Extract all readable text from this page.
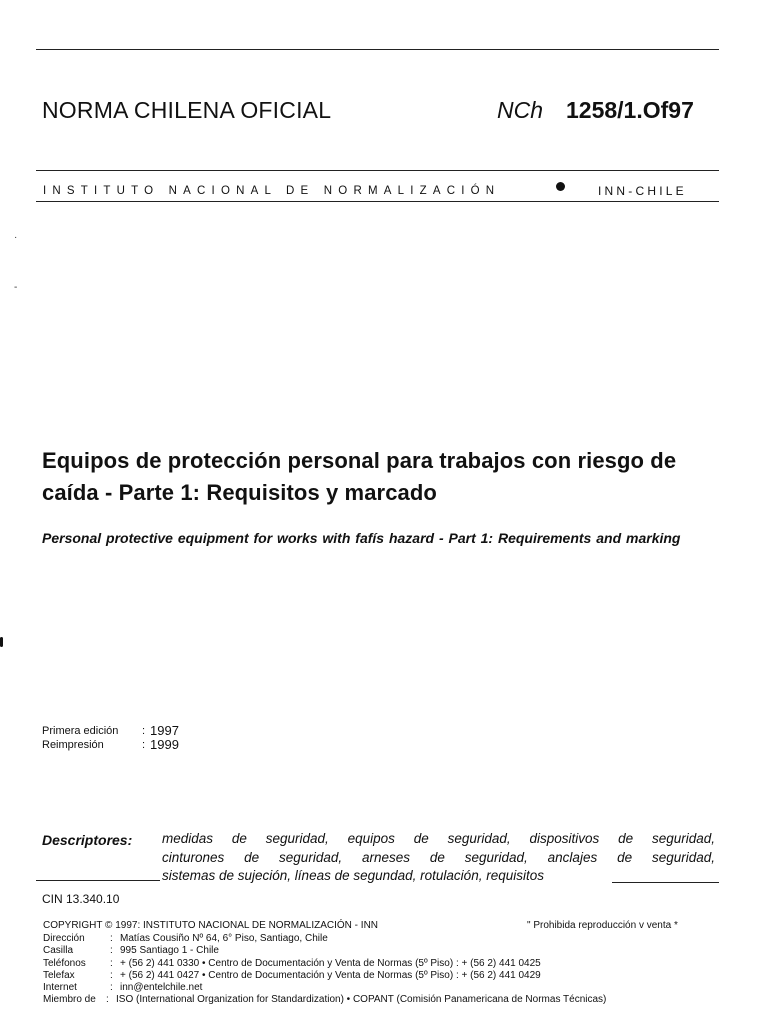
NORMA CHILENA OFICIAL	NCh 1258/1.Of97
INSTITUTO NACIONAL DE NORMALIZACIÓN	INN-CHILE
·
-
Equipos de protección personal para trabajos con riesgo de caída - Parte 1: Requisitos y marcado
Personal protective equipment for works with fafís hazard - Part 1: Requirements and marking
Primera edición : 1997
Reimpresión	: 1999
Descriptores: medidas de seguridad, equipos de seguridad, dispositivos de seguridad,
cinturones de seguridad, arneses de seguridad, anclajes de seguridad,
sistemas de sujeción, líneas de segundad, rotulación, requisitos
CIN 13.340.10
COPYRIGHT © 1997: INSTITUTO NACIONAL DE NORMALIZACIÓN - INN	" Prohibida reproducción v venta *
Dirección	: Matías Cousiño Nº 64, 6° Piso, Santiago, Chile
Casilla	: 995 Santiago 1 - Chile
Teléfonos : + (56 2) 441 0330 • Centro de Documentación y Venta de Normas (5º Piso) : + (56 2) 441 0425
Telefax	: + (56 2) 441 0427 • Centro de Documentación y Venta de Normas (5º Piso) : + (56 2) 441 0429
Internet	: inn@entelchile.net
Miembro de : ISO (International Organization for Standardization) • COPANT (Comisión Panamericana de Normas Técnicas)
